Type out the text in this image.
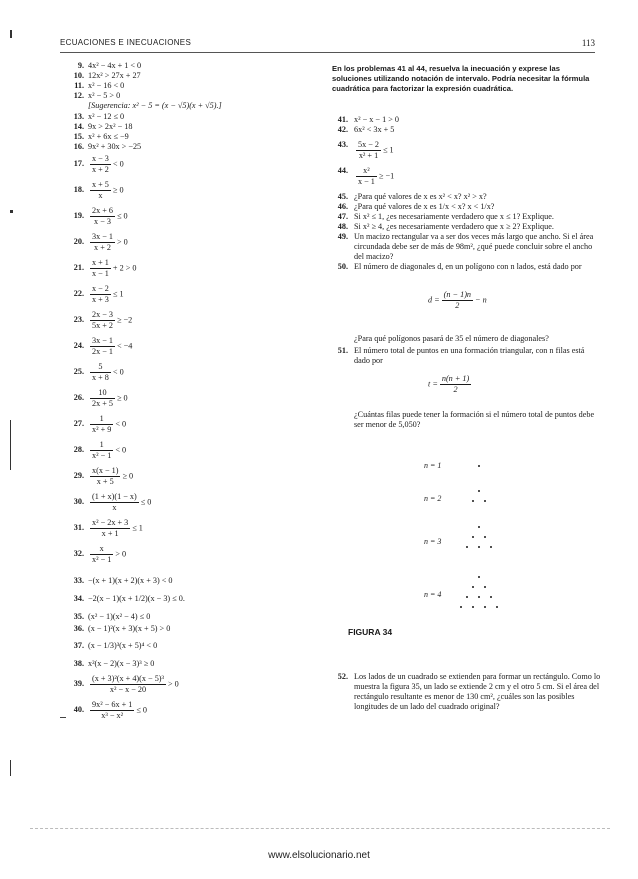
ECUACIONES E INECUACIONES	113
9. 4x² − 4x + 1 < 0
10. 12x² > 27x + 27
11. x² − 16 < 0
12. x² − 5 > 0
[Sugerencia: x² − 5 = (x − √5)(x + √5).]
13. x² − 12 ≤ 0
14. 9x > 2x² − 18
15. x² + 6x ≤ −9
16. 9x² + 30x > −25
17. $\frac{x - 3}{x + 2} < 0$
18. $\frac{x + 5}{x} \ge 0$
19. $\frac{2x + 6}{x - 3} \le 0$
20. $\frac{3x - 1}{x + 2} > 0$
21. $\frac{x + 1}{x - 1} + 2 > 0$
22. $\frac{x - 2}{x + 3} \le 1$
23. $\frac{2x - 3}{5x + 2} \ge -2$
24. $\frac{3x - 1}{2x - 1} < -4$
25. $\frac{5}{x + 8} < 0$
26. $\frac{10}{2x + 5} \ge 0$
27. $\frac{1}{\text{x² + 9}} < 0$
28. $\frac{1}{\text{x² − 1}} < 0$
29. $\frac{x(x - 1)}{x + 5} \ge 0$
30. $\frac{(1 + x)(1 - x)}{x} \le 0$
31. $\frac{\text{x² − 2x + 3}}{x + 1} \le 1$
32. $\frac{x}{\text{x² − 1}} > 0$
33. −(x + 1)(x + 2)(x + 3) < 0
34. −2(x − 1)(x + 1/2)(x − 3) ≤ 0.
35. (x² − 1)(x² − 4) ≤ 0
36. (x − 1)²(x + 3)(x + 5) > 0
37. (x − 1/3)³(x + 5)⁴ < 0
38. x²(x − 2)(x − 3)³ ≥ 0
39. $\frac{\text{(x + 3)²(x + 4)(x − 5)³}}{\text{x² − x − 20}} > 0$
40. $\frac{\text{9x² − 6x + 1}}{\text{x³ − x²}} \le 0$
En los problemas 41 al 44, resuelva la inecuación y exprese las soluciones utilizando notación de intervalo. Podría necesitar la fórmula cuadrática para factorizar la expresión cuadrática.
41. x² − x − 1 > 0
42. 6x² < 3x + 5
43. $\frac{5x - 2}{\text{x² + 1}} \le 1$
44. $\frac{\text{x²}}{x - 1} \ge -1$
45. ¿Para qué valores de x es x² < x? x² > x?
46. ¿Para qué valores de x es 1/x < x? x < 1/x?
47. Si x² ≤ 1, ¿es necesariamente verdadero que x ≤ 1? Explique.
48. Si x² ≥ 4, ¿es necesariamente verdadero que x ≥ 2? Explique.
49. Un macizo rectangular va a ser dos veces más largo que ancho. Si el área circundada debe ser de más de 98m², ¿qué puede concluir sobre el ancho del macizo?
50. El número de diagonales d, en un polígono con n lados, está dado por
$d = \frac{(n - 1)n}{2} - n$
¿Para qué polígonos pasará de 35 el número de diagonales?
51. El número total de puntos en una formación triangular, con n filas está dado por
$t = \frac{n(n + 1)}{2}$
¿Cuántas filas puede tener la formación si el número total de puntos debe ser menor de 5,050?
n = 1
n = 2
n = 3
n = 4
FIGURA 34
52. Los lados de un cuadrado se extienden para formar un rectángulo. Como lo muestra la figura 35, un lado se extiende 2 cm y el otro 5 cm. Si el área del rectángulo resultante es menor de 130 cm², ¿cuáles son las posibles longitudes de un lado del cuadrado original?
www.elsolucionario.net
